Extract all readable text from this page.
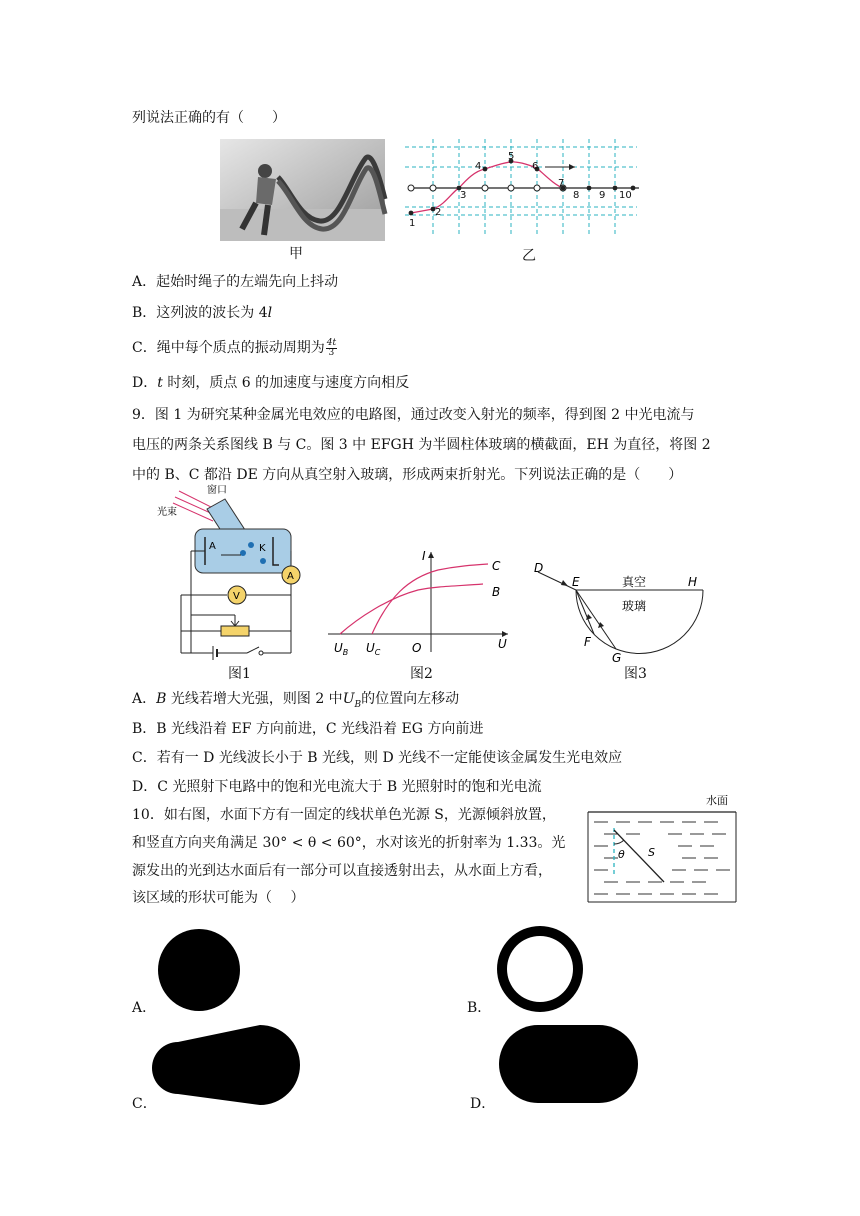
列说法正确的有（　　）
1
2
3
4
5
6
7
8 9 10
甲	乙
A．起始时绳子的左端先向上抖动
B．这列波的波长为 4l
C．绳中每个质点的振动周期为 $\frac{4t}{3}$
D．t 时刻，质点 6 的加速度与速度方向相反
9．图 1 为研究某种金属光电效应的电路图，通过改变入射光的频率，得到图 2 中光电流与
电压的两条关系图线 B 与 C。图 3 中 EFGH 为半圆柱体玻璃的横截面，EH 为直径，将图 2
中的 B、C 都沿 DE 方向从真空射入玻璃，形成两束折射光。下列说法正确的是（　　）
光束
窗口
A	K
A
V
图1
I
U
O
C
B
$U_B$ $U_C$
图2
D
E	H
F
G
真空
玻璃
图3
A．B 光线若增大光强，则图 2 中$U_B$的位置向左移动
B．B 光线沿着 EF 方向前进，C 光线沿着 EG 方向前进
C．若有一 D 光线波长小于 B 光线，则 D 光线不一定能使该金属发生光电效应
D．C 光照射下电路中的饱和光电流大于 B 光照射时的饱和光电流
10．如右图，水面下方有一固定的线状单色光源 S，光源倾斜放置，
和竖直方向夹角满足 30° < θ < 60°，水对该光的折射率为 1.33。光
源发出的光到达水面后有一部分可以直接透射出去，从水面上方看，
该区域的形状可能为（　 ）
水面
θ S
A．	B．
C．	D．
